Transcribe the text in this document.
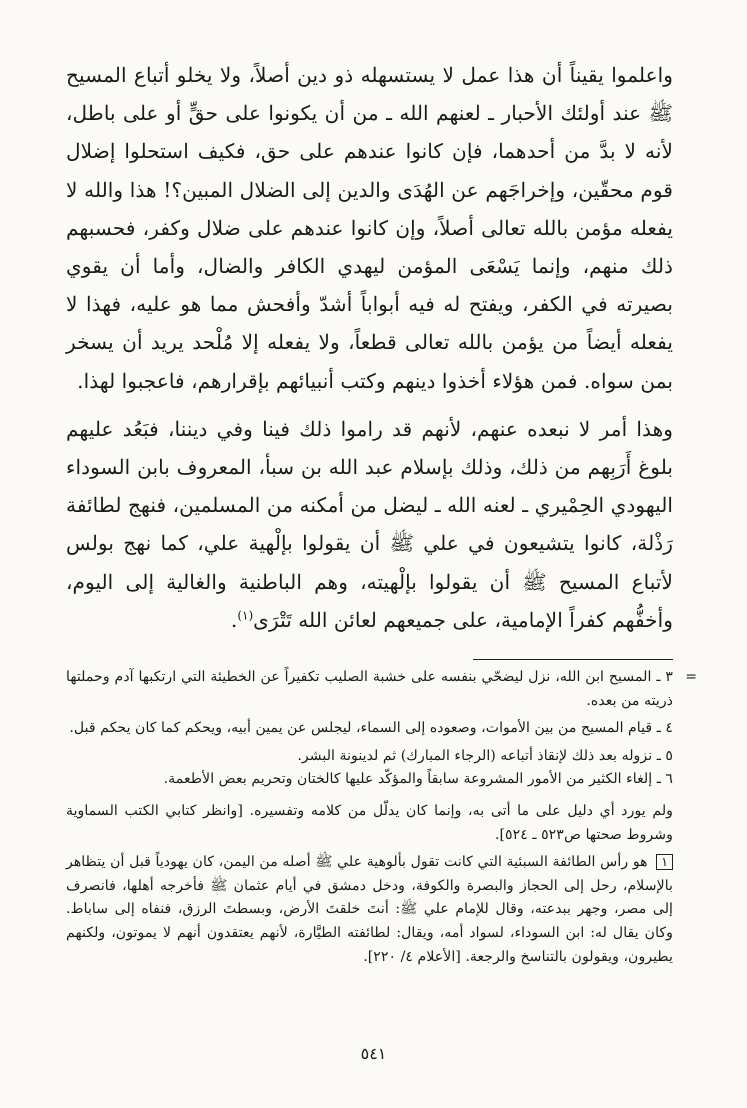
واعلموا يقيناً أن هذا عمل لا يستسهله ذو دين أصلاً، ولا يخلو أتباع المسيح ﷺ عند أولئك الأحبار ـ لعنهم الله ـ من أن يكونوا على حقٍّ أو على باطل، لأنه لا بدَّ من أحدهما، فإن كانوا عندهم على حق، فكيف استحلوا إضلال قوم محقّين، وإخراجَهم عن الهُدَى والدين إلى الضلال المبين؟! هذا والله لا يفعله مؤمن بالله تعالى أصلاً، وإن كانوا عندهم على ضلال وكفر، فحسبهم ذلك منهم، وإنما يَسْعَى المؤمن ليهدي الكافر والضال، وأما أن يقوي بصيرته في الكفر، ويفتح له فيه أبواباً أشدّ وأفحش مما هو عليه، فهذا لا يفعله أيضاً من يؤمن بالله تعالى قطعاً، ولا يفعله إلا مُلْحد يريد أن يسخر بمن سواه. فمن هؤلاء أخذوا دينهم وكتب أنبيائهم بإقرارهم، فاعجبوا لهذا.

وهذا أمر لا نبعده عنهم، لأنهم قد راموا ذلك فينا وفي ديننا، فبَعُد عليهم بلوغ أَرَبِهم من ذلك، وذلك بإسلام عبد الله بن سبأ، المعروف بابن السوداء اليهودي الحِمْيري ـ لعنه الله ـ ليضل من أمكنه من المسلمين، فنهج لطائفة رَذْلة، كانوا يتشيعون في علي ﷺ أن يقولوا بإلْهية علي، كما نهج بولس لأتباع المسيح ﷺ أن يقولوا بإلْهيته، وهم الباطنية والغالية إلى اليوم، وأخفُّهم كفراً الإمامية، على جميعهم لعائن الله تَتْرَى$^{(١)}$.

=
٣ ـ المسيح ابن الله، نزل ليضحّي بنفسه على خشبة الصليب تكفيراً عن الخطيئة التي ارتكبها آدم وحملتها ذريته من بعده.

٤ ـ قيام المسيح من بين الأموات، وصعوده إلى السماء، ليجلس عن يمين أبيه، ويحكم كما كان يحكم قبل.

٥ ـ نزوله بعد ذلك لإنقاذ أتباعه (الرجاء المبارك) ثم لدينونة البشر.

٦ ـ إلغاء الكثير من الأمور المشروعة سابقاً والمؤكّد عليها كالختان وتحريم بعض الأطعمة.

ولم يورد أي دليل على ما أتى به، وإنما كان يدلّل من كلامه وتفسيره. [وانظر كتابي الكتب السماوية وشروط صحتها ص٥٢٣ ـ ٥٢٤].

١ هو رأس الطائفة السبئية التي كانت تقول بألوهية علي ﷺ أصله من اليمن، كان يهودياً قبل أن يتظاهر بالإسلام، رحل إلى الحجاز والبصرة والكوفة، ودخل دمشق في أيام عثمان ﷺ فأخرجه أهلها، فانصرف إلى مصر، وجهر ببدعته، وقال للإمام علي ﷺ: أنتَ خلقتَ الأرض، وبسطتَ الرزق، فنفاه إلى ساباط. وكان يقال له: ابن السوداء، لسواد أمه، ويقال: لطائفته الطيَّارة، لأنهم يعتقدون أنهم لا يموتون، ولكنهم يطيرون، ويقولون بالتناسخ والرجعة. [الأعلام ٤/ ٢٢٠].

٥٤١
